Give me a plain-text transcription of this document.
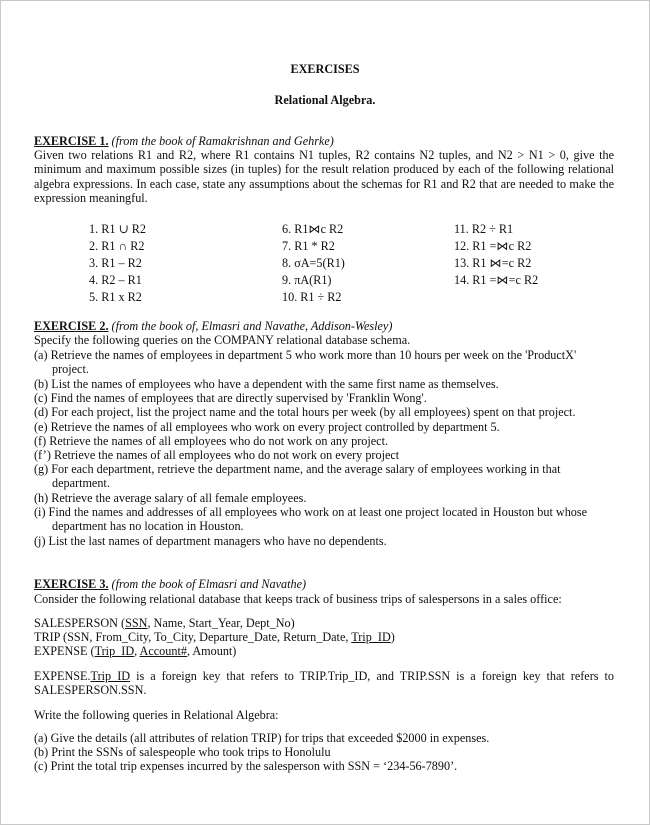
EXERCISES
Relational Algebra.
EXERCISE 1. (from the book of Ramakrishnan and Gehrke)
Given two relations R1 and R2, where R1 contains N1 tuples, R2 contains N2 tuples, and N2 > N1 > 0, give the minimum and maximum possible sizes (in tuples) for the result relation produced by each of the following relational algebra expressions. In each case, state any assumptions about the schemas for R1 and R2 that are needed to make the expression meaningful.
1. R1 ∪ R2
2. R1 ∩ R2
3. R1 – R2
4. R2 – R1
5. R1 x R2
6. R1⋈c R2
7. R1 * R2
8. σA=5(R1)
9. πA(R1)
10. R1 ÷ R2
11. R2 ÷ R1
12. R1 =⋈c R2
13. R1 ⋈=c R2
14. R1 =⋈=c R2
EXERCISE 2. (from the book of, Elmasri and Navathe, Addison-Wesley)
Specify the following queries on the COMPANY relational database schema.
(a) Retrieve the names of employees in department 5 who work more than 10 hours per week on the 'ProductX' project.
(b) List the names of employees who have a dependent with the same first name as themselves.
(c) Find the names of employees that are directly supervised by 'Franklin Wong'.
(d) For each project, list the project name and the total hours per week (by all employees) spent on that project.
(e) Retrieve the names of all employees who work on every project controlled by department 5.
(f) Retrieve the names of all employees who do not work on any project.
(f’) Retrieve the names of all employees who do not work on every project
(g) For each department, retrieve the department name, and the average salary of employees working in that department.
(h) Retrieve the average salary of all female employees.
(i) Find the names and addresses of all employees who work on at least one project located in Houston but whose department has no location in Houston.
(j) List the last names of department managers who have no dependents.
EXERCISE 3. (from the book of Elmasri and Navathe)
Consider the following relational database that keeps track of business trips of salespersons in a sales office:
SALESPERSON (SSN, Name, Start_Year, Dept_No)
TRIP (SSN, From_City, To_City, Departure_Date, Return_Date, Trip_ID)
EXPENSE (Trip_ID, Account#, Amount)
EXPENSE.Trip_ID is a foreign key that refers to TRIP.Trip_ID, and TRIP.SSN is a foreign key that refers to SALESPERSON.SSN.
Write the following queries in Relational Algebra:
(a) Give the details (all attributes of relation TRIP) for trips that exceeded $2000 in expenses.
(b) Print the SSNs of salespeople who took trips to Honolulu
(c) Print the total trip expenses incurred by the salesperson with SSN = ‘234-56-7890’.
